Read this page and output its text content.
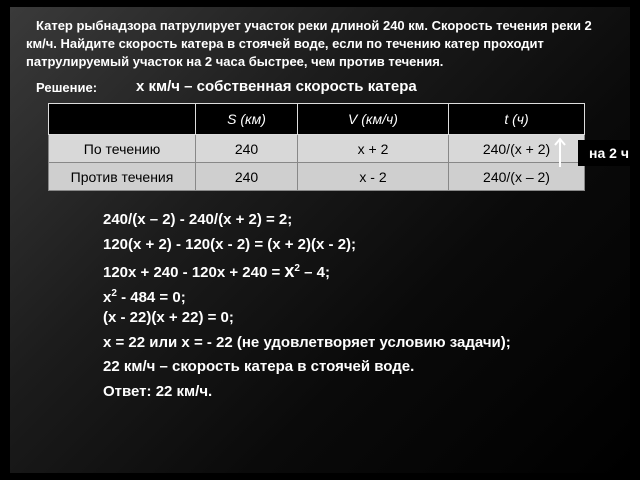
Катер рыбнадзора патрулирует участок реки длиной 240 км. Скорость течения реки 2 км/ч. Найдите скорость катера в стоячей воде, если по течению катер проходит патрулируемый участок на 2 часа быстрее, чем против течения.
Решение:	x км/ч – собственная скорость катера
	S (км)	V (км/ч)	t (ч)
По течению	240	x + 2	240/(x + 2)
Против течения	240	x - 2	240/(x – 2)
на 2 ч
240/(x – 2) - 240/(x + 2) = 2;
120(x + 2) - 120(x - 2) = (x + 2)(x - 2);
$120x + 240 - 120x + 240 = x^2 - 4$;
$x^2 - 484 = 0$;
(x - 22)(x + 22) = 0;
x = 22 или x = - 22 (не удовлетворяет условию задачи);
22 км/ч – скорость катера в стоячей воде.
Ответ: 22 км/ч.
